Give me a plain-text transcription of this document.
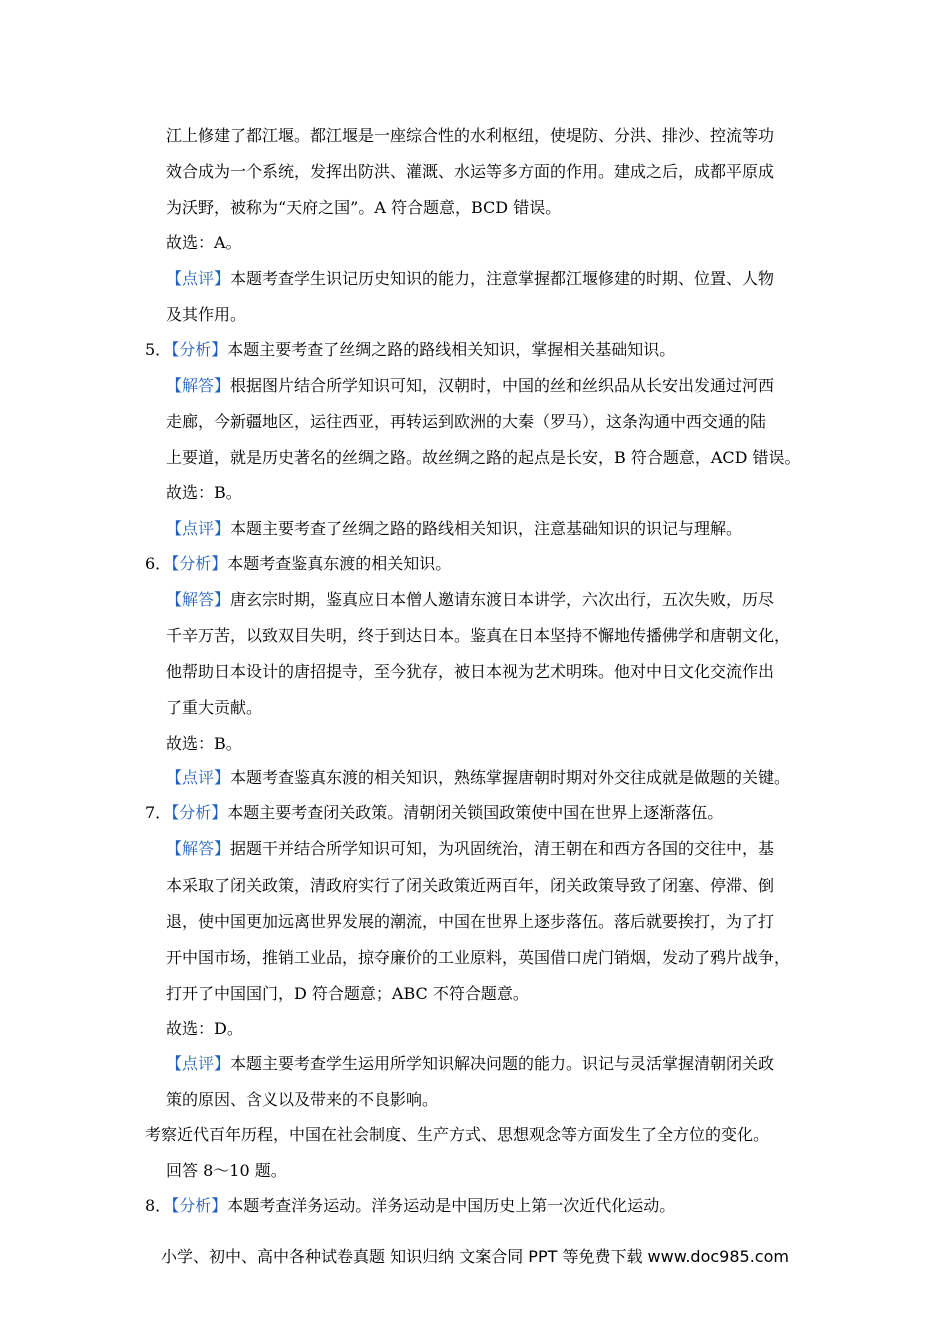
江上修建了都江堰。都江堰是一座综合性的水利枢纽，使堤防、分洪、排沙、控流等功
效合成为一个系统，发挥出防洪、灌溉、水运等多方面的作用。建成之后，成都平原成
为沃野，被称为“天府之国”。A 符合题意，BCD 错误。
故选：A。
【点评】本题考查学生识记历史知识的能力，注意掌握都江堰修建的时期、位置、人物
及其作用。
5．【分析】本题主要考查了丝绸之路的路线相关知识，掌握相关基础知识。
【解答】根据图片结合所学知识可知，汉朝时，中国的丝和丝织品从长安出发通过河西
走廊，今新疆地区，运往西亚，再转运到欧洲的大秦（罗马），这条沟通中西交通的陆
上要道，就是历史著名的丝绸之路。故丝绸之路的起点是长安，B 符合题意，ACD 错误。
故选：B。
【点评】本题主要考查了丝绸之路的路线相关知识，注意基础知识的识记与理解。
6．【分析】本题考查鉴真东渡的相关知识。
【解答】唐玄宗时期，鉴真应日本僧人邀请东渡日本讲学，六次出行，五次失败，历尽
千辛万苦，以致双目失明，终于到达日本。鉴真在日本坚持不懈地传播佛学和唐朝文化，
他帮助日本设计的唐招提寺，至今犹存，被日本视为艺术明珠。他对中日文化交流作出
了重大贡献。
故选：B。
【点评】本题考查鉴真东渡的相关知识，熟练掌握唐朝时期对外交往成就是做题的关键。
7．【分析】本题主要考查闭关政策。清朝闭关锁国政策使中国在世界上逐渐落伍。
【解答】据题干并结合所学知识可知，为巩固统治，清王朝在和西方各国的交往中，基
本采取了闭关政策，清政府实行了闭关政策近两百年，闭关政策导致了闭塞、停滞、倒
退，使中国更加远离世界发展的潮流，中国在世界上逐步落伍。落后就要挨打，为了打
开中国市场，推销工业品，掠夺廉价的工业原料，英国借口虎门销烟，发动了鸦片战争，
打开了中国国门，D 符合题意；ABC 不符合题意。
故选：D。
【点评】本题主要考查学生运用所学知识解决问题的能力。识记与灵活掌握清朝闭关政
策的原因、含义以及带来的不良影响。
考察近代百年历程，中国在社会制度、生产方式、思想观念等方面发生了全方位的变化。
回答 8～10 题。
8．【分析】本题考查洋务运动。洋务运动是中国历史上第一次近代化运动。
小学、初中、高中各种试卷真题 知识归纳 文案合同 PPT 等免费下载 www.doc985.com
